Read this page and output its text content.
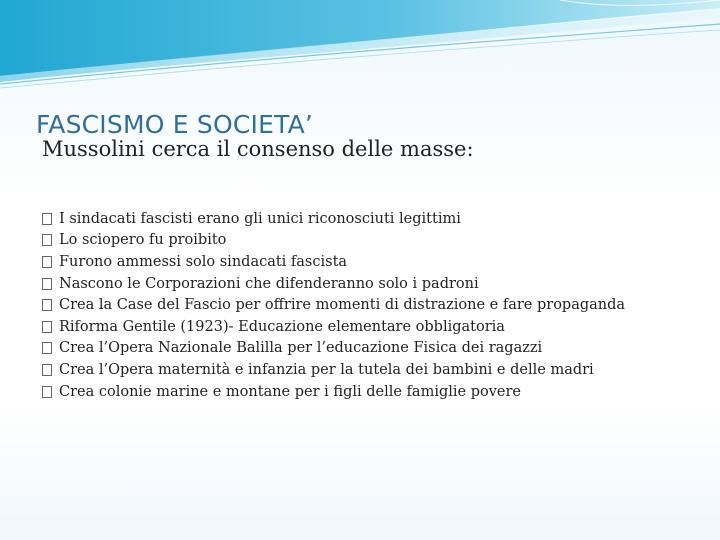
FASCISMO E SOCIETA’
Mussolini cerca il consenso delle masse:
I sindacati fascisti erano gli unici riconosciuti legittimi
Lo sciopero fu proibito
Furono ammessi solo sindacati fascista
Nascono le Corporazioni che difenderanno solo i padroni
Crea la Case del Fascio per offrire momenti di distrazione e fare propaganda
Riforma Gentile (1923)- Educazione elementare obbligatoria
Crea l’Opera Nazionale Balilla per l’educazione Fisica dei ragazzi
Crea l’Opera maternità e infanzia per la tutela dei bambini e delle madri
Crea colonie marine e montane per i figli delle famiglie povere
